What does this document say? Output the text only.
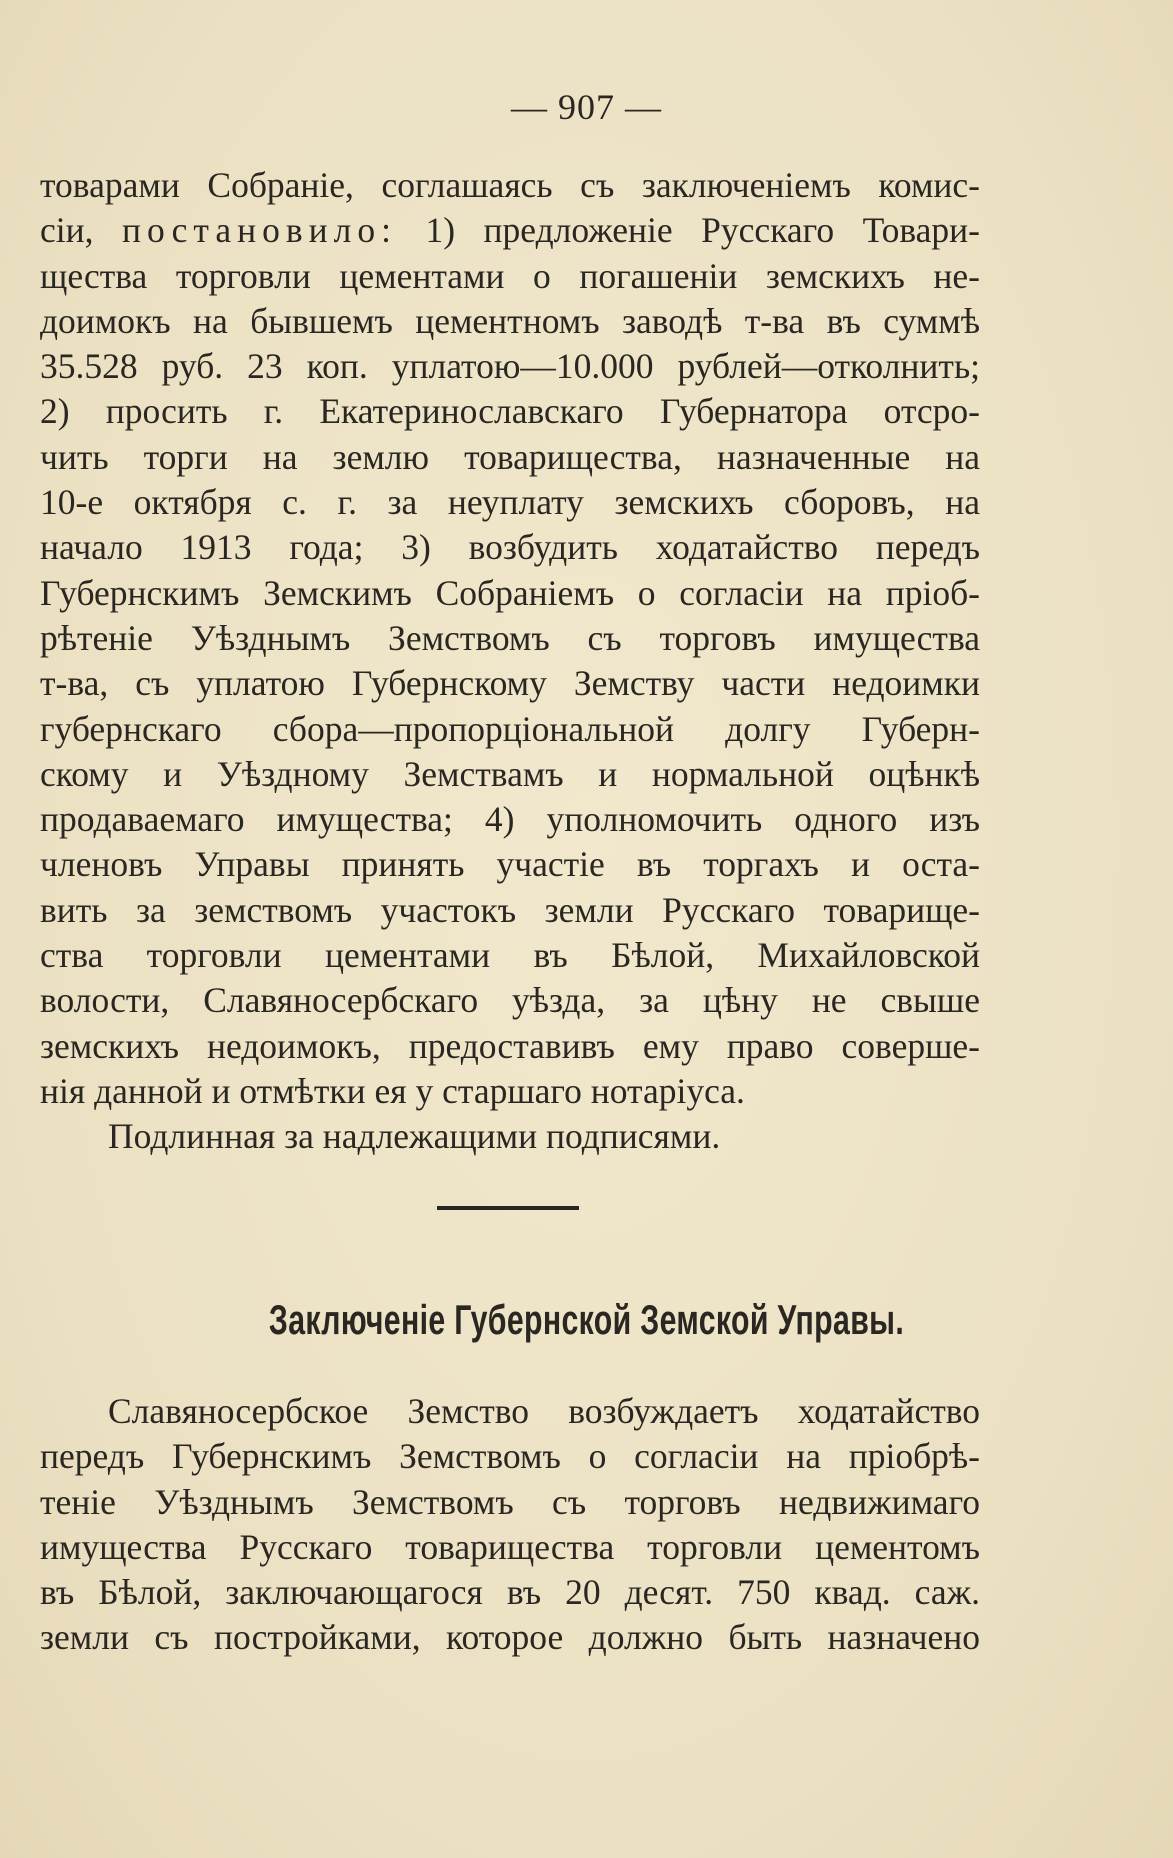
— 907 —
товарами Собраніе, соглашаясь съ заключеніемъ комис-
сіи, постановило: 1) предложеніе Русскаго Товари-
щества торговли цементами о погашеніи земскихъ не-
доимокъ на бывшемъ цементномъ заводѣ т-ва въ суммѣ
35.528 руб. 23 коп. уплатою—10.000 рублей—отколнить;
2) просить г. Екатеринославскаго Губернатора отсро-
чить торги на землю товарищества, назначенные на
10-е октября с. г. за неуплату земскихъ сборовъ, на
начало 1913 года; 3) возбудить ходатайство передъ
Губернскимъ Земскимъ Собраніемъ о согласіи на пріоб-
рѣтеніе Уѣзднымъ Земствомъ съ торговъ имущества
т-ва, съ уплатою Губернскому Земству части недоимки
губернскаго сбора—пропорціональной долгу Губерн-
скому и Уѣздному Земствамъ и нормальной оцѣнкѣ
продаваемаго имущества; 4) уполномочить одного изъ
членовъ Управы принять участіе въ торгахъ и оста-
вить за земствомъ участокъ земли Русскаго товарище-
ства торговли цементами въ Бѣлой, Михайловской
волости, Славяносербскаго уѣзда, за цѣну не свыше
земскихъ недоимокъ, предоставивъ ему право соверше-
нія данной и отмѣтки ея у старшаго нотаріуса.
Подлинная за надлежащими подписями.
Заключеніе Губернской Земской Управы.
Славяносербское Земство возбуждаетъ ходатайство
передъ Губернскимъ Земствомъ о согласіи на пріобрѣ-
теніе Уѣзднымъ Земствомъ съ торговъ недвижимаго
имущества Русскаго товарищества торговли цементомъ
въ Бѣлой, заключающагося въ 20 десят. 750 квад. саж.
земли съ постройками, которое должно быть назначено
